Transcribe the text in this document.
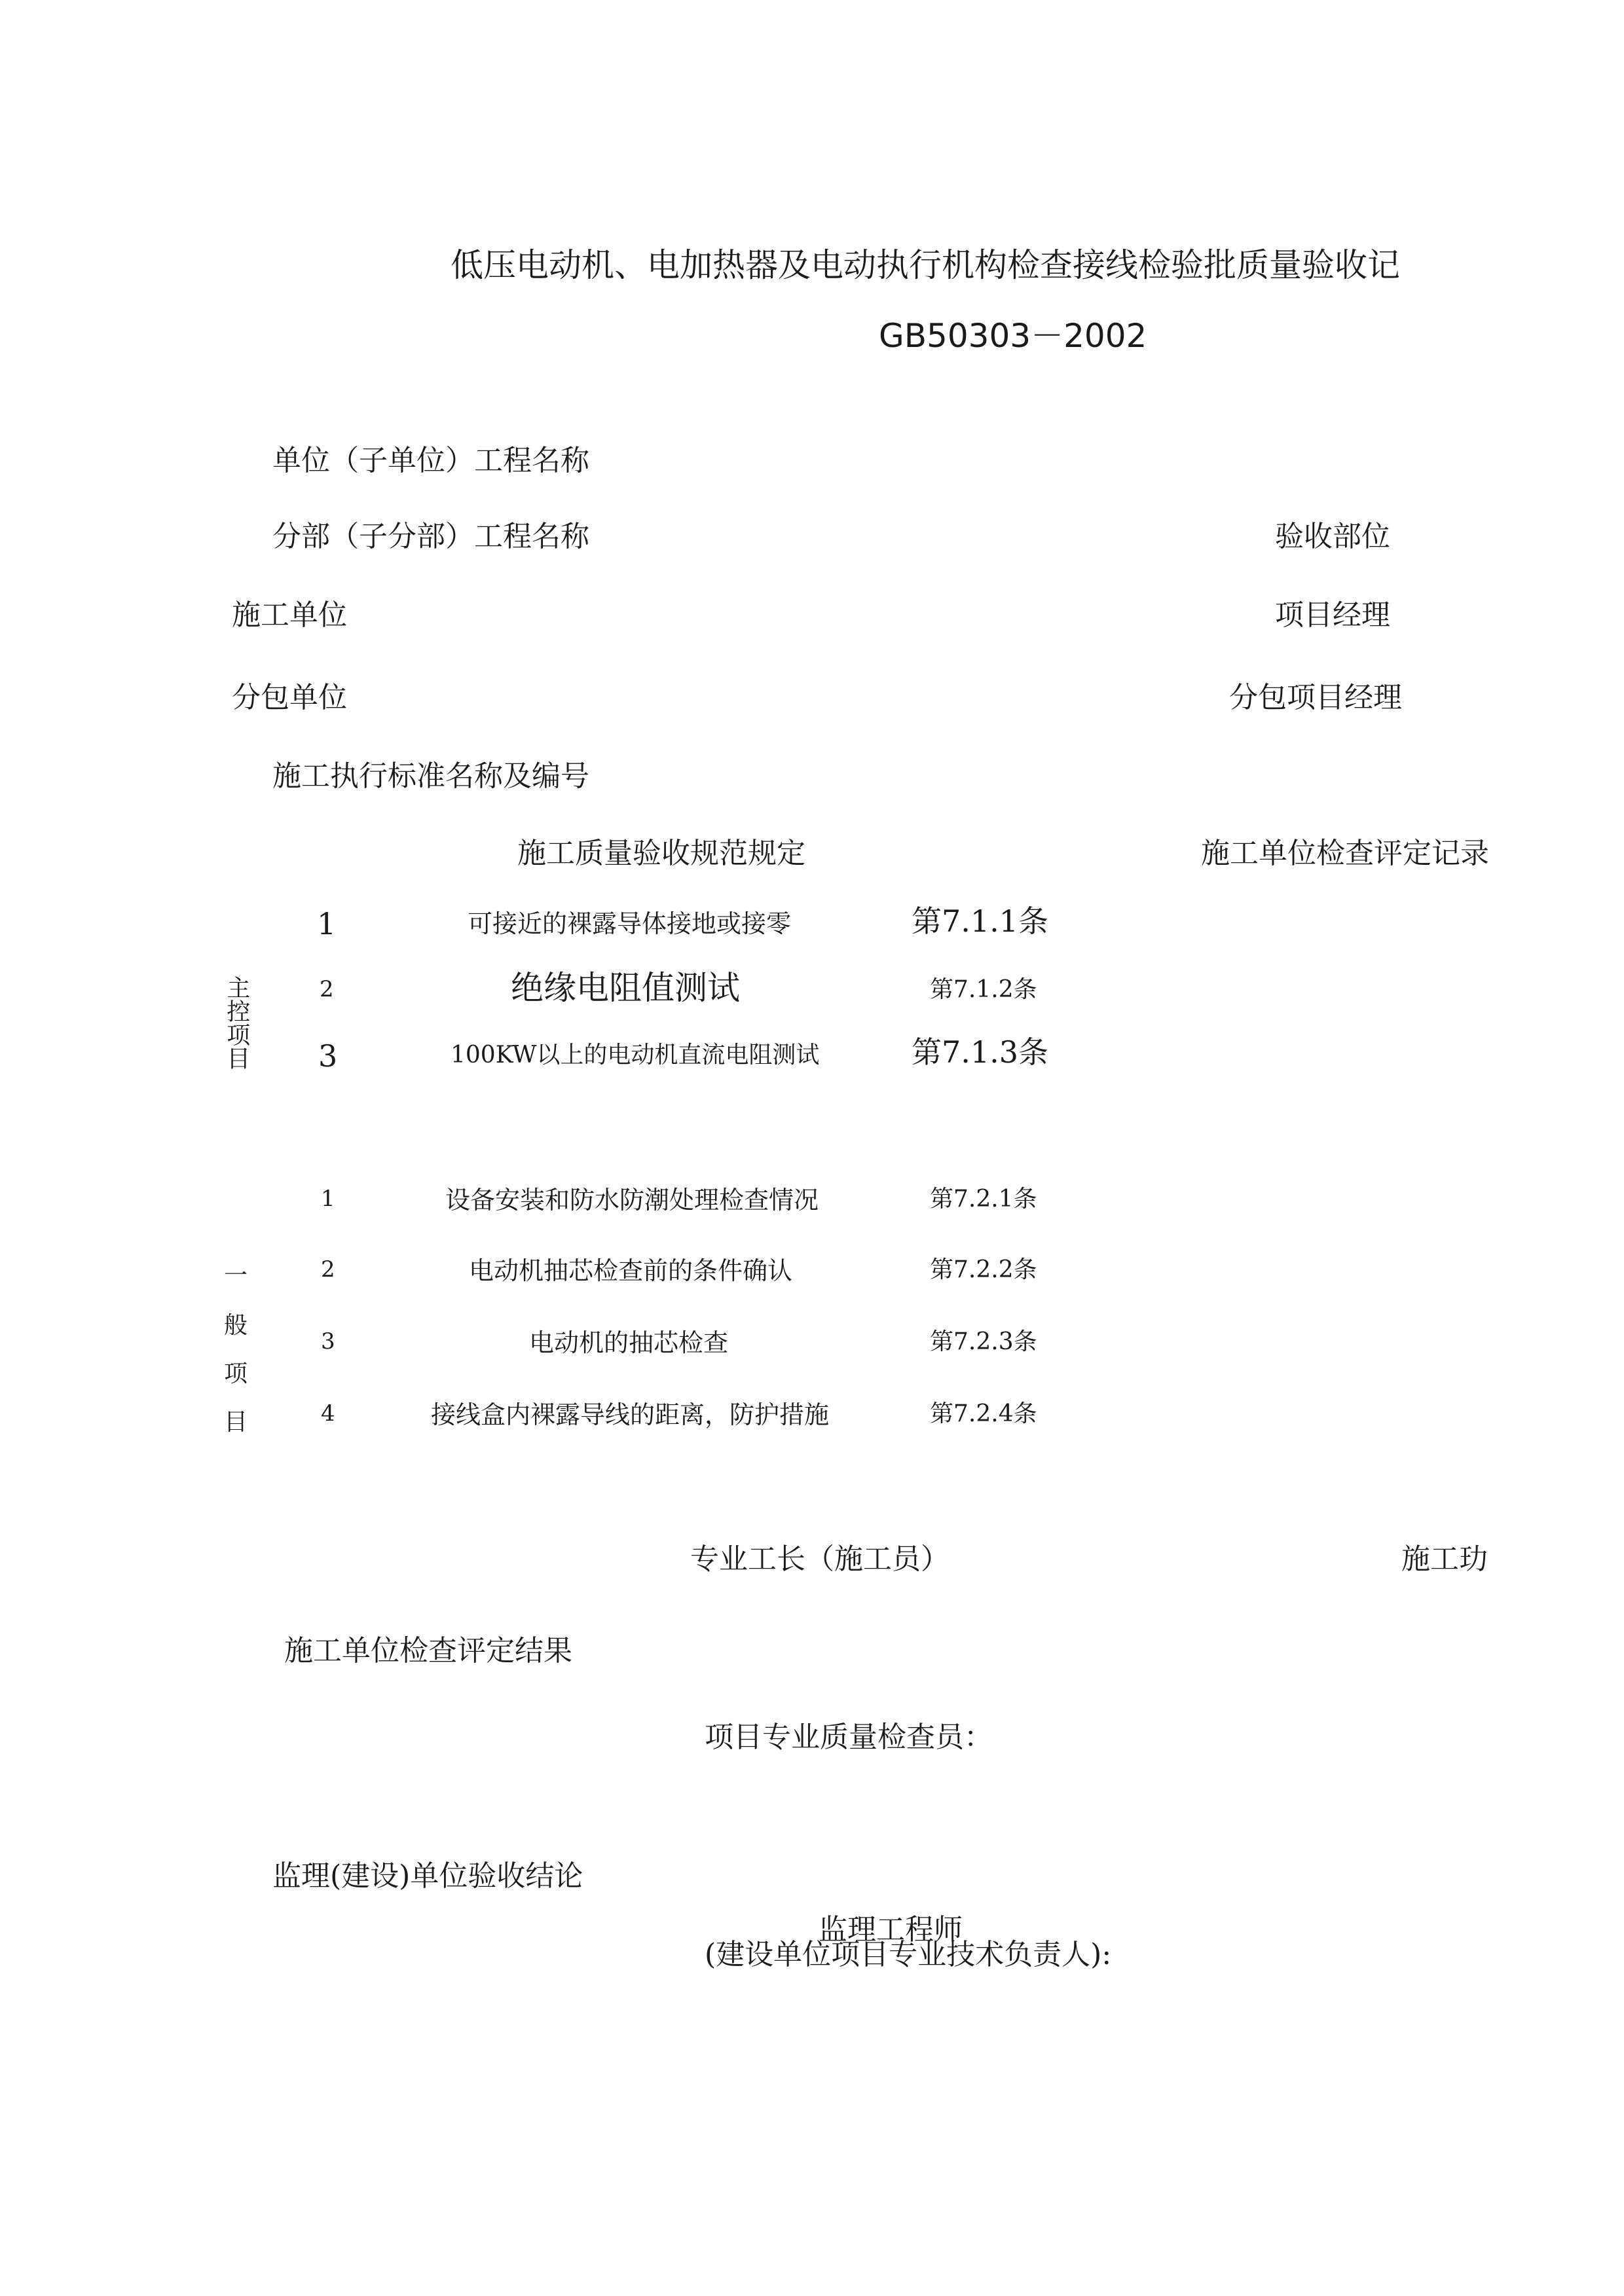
低压电动机、电加热器及电动执行机构检查接线检验批质量验收记
GB50303－2002
单位（子单位）工程名称
分部（子分部）工程名称	验收部位
施工单位	项目经理
分包单位	分包项目经理
施工执行标准名称及编号
施工质量验收规范规定	施工单位检查评定记录
主控项目
1	可接近的裸露导体接地或接零	第7.1.1条
2	绝缘电阻值测试	第7.1.2条
3	100KW以上的电动机直流电阻测试	第7.1.3条
一
般
项
目
1	设备安装和防水防潮处理检查情况	第7.2.1条
2	电动机抽芯检查前的条件确认	第7.2.2条
3	电动机的抽芯检查	第7.2.3条
4	接线盒内裸露导线的距离，防护措施	第7.2.4条
专业工长（施工员）	施工玏
施工单位检查评定结果
项目专业质量检查员：
监理(建设)单位验收结论
监理工程师
(建设单位项目专业技术负责人):
